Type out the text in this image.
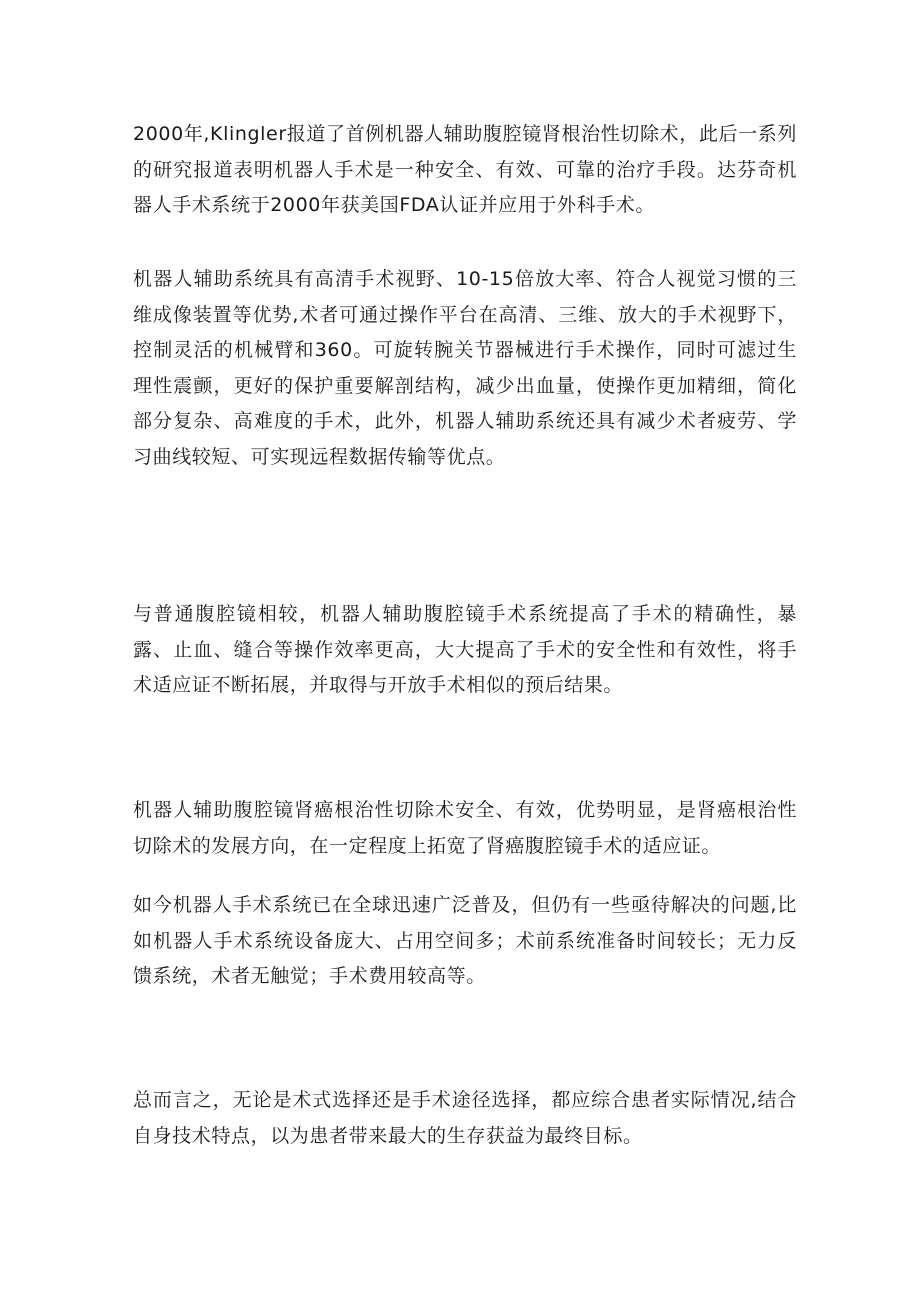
2000年,Klingler报道了首例机器人辅助腹腔镜肾根治性切除术，此后一系列的研究报道表明机器人手术是一种安全、有效、可靠的治疗手段。达芬奇机器人手术系统于2000年获美国FDA认证并应用于外科手术。

机器人辅助系统具有高清手术视野、10-15倍放大率、符合人视觉习惯的三维成像装置等优势,术者可通过操作平台在高清、三维、放大的手术视野下，控制灵活的机械臂和360。可旋转腕关节器械进行手术操作，同时可滤过生理性震颤，更好的保护重要解剖结构，减少出血量，使操作更加精细，简化部分复杂、高难度的手术，此外，机器人辅助系统还具有减少术者疲劳、学习曲线较短、可实现远程数据传输等优点。

与普通腹腔镜相较，机器人辅助腹腔镜手术系统提高了手术的精确性，暴露、止血、缝合等操作效率更高，大大提高了手术的安全性和有效性，将手术适应证不断拓展，并取得与开放手术相似的预后结果。

机器人辅助腹腔镜肾癌根治性切除术安全、有效，优势明显，是肾癌根治性切除术的发展方向，在一定程度上拓宽了肾癌腹腔镜手术的适应证。

如今机器人手术系统已在全球迅速广泛普及，但仍有一些亟待解决的问题,比如机器人手术系统设备庞大、占用空间多；术前系统准备时间较长；无力反馈系统，术者无触觉；手术费用较高等。

总而言之，无论是术式选择还是手术途径选择，都应综合患者实际情况,结合自身技术特点，以为患者带来最大的生存获益为最终目标。
